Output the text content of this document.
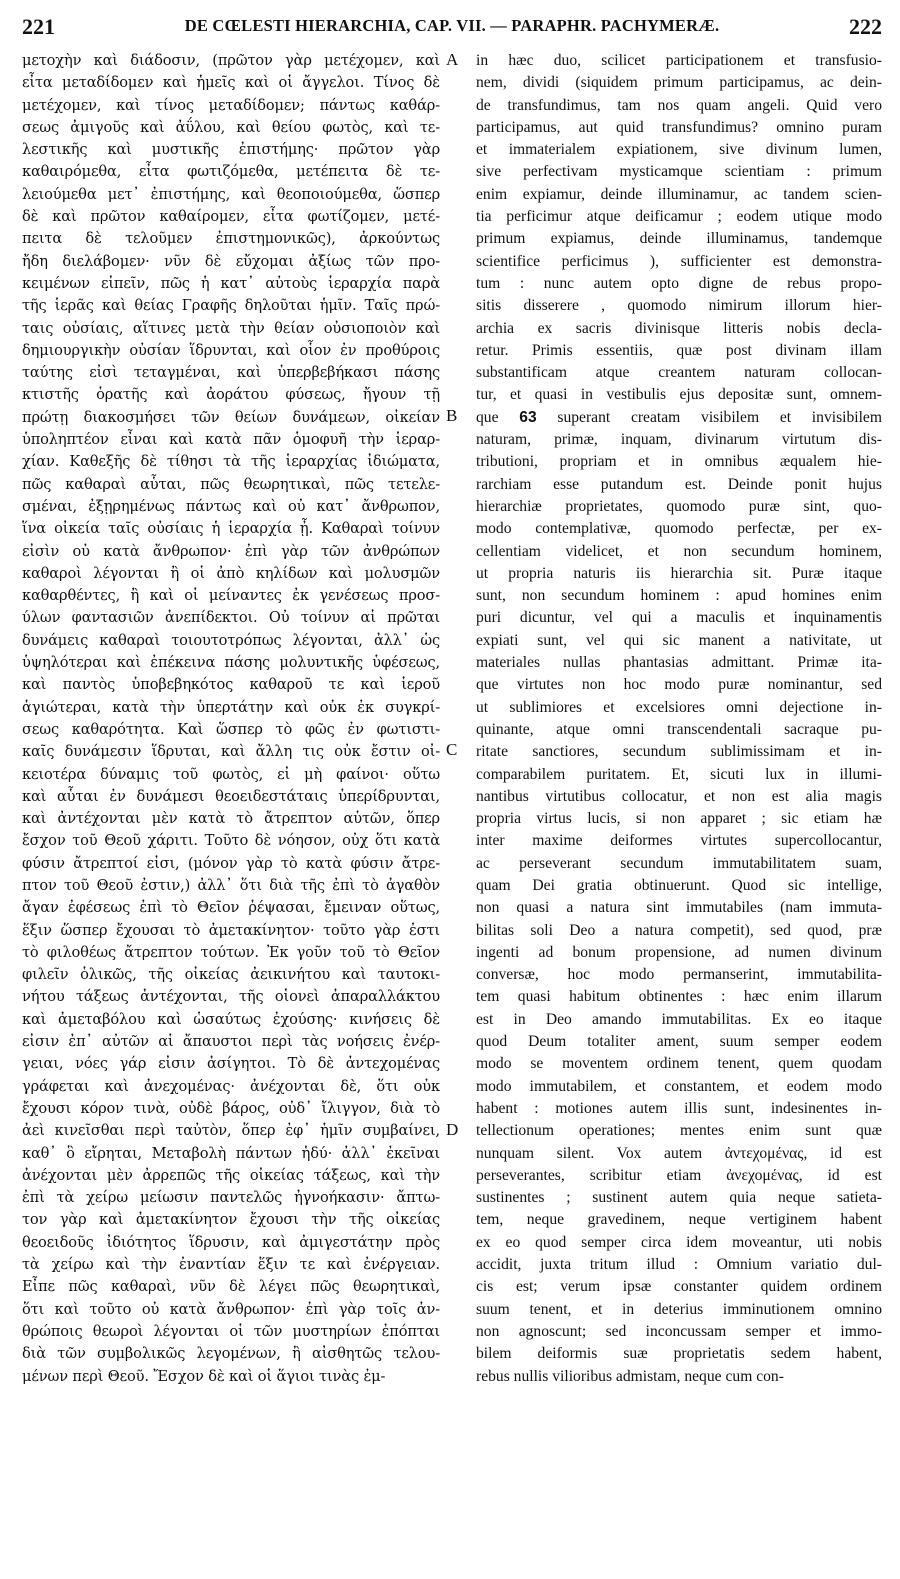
221	DE CŒLESTI HIERARCHIA, CAP. VII. — PARAPHR. PACHYMERÆ.	222
μετοχὴν καὶ διάδοσιν, (πρῶτον γὰρ μετέχομεν, καὶ
εἶτα μεταδίδομεν καὶ ἡμεῖς καὶ οἱ ἄγγελοι. Τίνος δὲ
μετέχομεν, καὶ τίνος μεταδίδομεν; πάντως καθάρ-
σεως ἀμιγοῦς καὶ ἀΰλου, καὶ θείου φωτὸς, καὶ τε-
λεστικῆς καὶ μυστικῆς ἐπιστήμης· πρῶτον γὰρ
καθαιρόμεθα, εἶτα φωτιζόμεθα, μετέπειτα δὲ τε-
λειούμεθα μετ᾽ ἐπιστήμης, καὶ θεοποιούμεθα, ὥσπερ
δὲ καὶ πρῶτον καθαίρομεν, εἶτα φωτίζομεν, μετέ-
πειτα δὲ τελοῦμεν ἐπιστημονικῶς), ἀρκούντως
ἤδη διελάβομεν· νῦν δὲ εὔχομαι ἀξίως τῶν προ-
κειμένων εἰπεῖν, πῶς ἡ κατ᾽ αὐτοὺς ἱεραρχία παρὰ
τῆς ἱερᾶς καὶ θείας Γραφῆς δηλοῦται ἡμῖν. Ταῖς πρώ-
ταις οὐσίαις, αἵτινες μετὰ τὴν θείαν οὐσιοποιὸν καὶ
δημιουργικὴν οὐσίαν ἵδρυνται, καὶ οἷον ἐν προθύροις
ταύτης εἰσὶ τεταγμέναι, καὶ ὑπερβεβήκασι πάσης
κτιστῆς ὁρατῆς καὶ ἀοράτου φύσεως, ἤγουν τῇ
πρώτῃ διακοσμήσει τῶν θείων δυνάμεων, οἰκείαν
ὑποληπτέον εἶναι καὶ κατὰ πᾶν ὁμοφυῆ τὴν ἱεραρ-
χίαν. Καθεξῆς δὲ τίθησι τὰ τῆς ἱεραρχίας ἰδιώματα,
πῶς καθαραὶ αὗται, πῶς θεωρητικαὶ, πῶς τετελε-
σμέναι, ἐξῃρημένως πάντως καὶ οὐ κατ᾽ ἄνθρωπον,
ἵνα οἰκεία ταῖς οὐσίαις ἡ ἱεραρχία ᾖ. Καθαραὶ τοίνυν
εἰσὶν οὐ κατὰ ἄνθρωπον· ἐπὶ γὰρ τῶν ἀνθρώπων
καθαροὶ λέγονται ἢ οἱ ἀπὸ κηλίδων καὶ μολυσμῶν
καθαρθέντες, ἢ καὶ οἱ μείναντες ἐκ γενέσεως προσ-
ύλων φαντασιῶν ἀνεπίδεκτοι. Οὐ τοίνυν αἱ πρῶται
δυνάμεις καθαραὶ τοιουτοτρόπως λέγονται, ἀλλ᾽ ὡς
ὑψηλότεραι καὶ ἐπέκεινα πάσης μολυντικῆς ὑφέσεως,
καὶ παντὸς ὑποβεβηκότος καθαροῦ τε καὶ ἱεροῦ
ἁγιώτεραι, κατὰ τὴν ὑπερτάτην καὶ οὐκ ἐκ συγκρί-
σεως καθαρότητα. Καὶ ὥσπερ τὸ φῶς ἐν φωτιστι-
καῖς δυνάμεσιν ἵδρυται, καὶ ἄλλη τις οὐκ ἔστιν οἰ-
κειοτέρα δύναμις τοῦ φωτὸς, εἰ μὴ φαίνοι· οὕτω
καὶ αὗται ἐν δυνάμεσι θεοειδεστάταις ὑπερίδρυνται,
καὶ ἀντέχονται μὲν κατὰ τὸ ἄτρεπτον αὐτῶν, ὅπερ
ἔσχον τοῦ Θεοῦ χάριτι. Τοῦτο δὲ νόησον, οὐχ ὅτι κατὰ
φύσιν ἄτρεπτοί εἰσι, (μόνον γὰρ τὸ κατὰ φύσιν ἄτρε-
πτον τοῦ Θεοῦ ἐστιν,) ἀλλ᾽ ὅτι διὰ τῆς ἐπὶ τὸ ἀγαθὸν
ἄγαν ἐφέσεως ἐπὶ τὸ Θεῖον ῥέψασαι, ἔμειναν οὕτως,
ἕξιν ὥσπερ ἔχουσαι τὸ ἀμετακίνητον· τοῦτο γὰρ ἐστι
τὸ φιλοθέως ἄτρεπτον τούτων. Ἐκ γοῦν τοῦ τὸ Θεῖον
φιλεῖν ὁλικῶς, τῆς οἰκείας ἀεικινήτου καὶ ταυτοκι-
νήτου τάξεως ἀντέχονται, τῆς οἱονεὶ ἀπαραλλάκτου
καὶ ἀμεταβόλου καὶ ὡσαύτως ἐχούσης· κινήσεις δὲ
εἰσιν ἐπ᾽ αὐτῶν αἱ ἄπαυστοι περὶ τὰς νοήσεις ἐνέρ-
γειαι, νόες γάρ εἰσιν ἀσίγητοι. Τὸ δὲ ἀντεχομένας
γράφεται καὶ ἀνεχομένας· ἀνέχονται δὲ, ὅτι οὐκ
ἔχουσι κόρον τινὰ, οὐδὲ βάρος, οὐδ᾽ ἴλιγγον, διὰ τὸ
ἀεὶ κινεῖσθαι περὶ ταὐτὸν, ὅπερ ἐφ᾽ ἡμῖν συμβαίνει,
καθ᾽ ὃ εἴρηται, Μεταβολὴ πάντων ἡδύ· ἀλλ᾽ ἐκεῖναι
ἀνέχονται μὲν ἀρρεπῶς τῆς οἰκείας τάξεως, καὶ τὴν
ἐπὶ τὰ χείρω μείωσιν παντελῶς ἠγνοήκασιν· ἄπτω-
τον γὰρ καὶ ἀμετακίνητον ἔχουσι τὴν τῆς οἰκείας
θεοειδοῦς ἰδιότητος ἵδρυσιν, καὶ ἀμιγεστάτην πρὸς
τὰ χείρω καὶ τὴν ἐναντίαν ἕξιν τε καὶ ἐνέργειαν.
Εἶπε πῶς καθαραὶ, νῦν δὲ λέγει πῶς θεωρητικαὶ,
ὅτι καὶ τοῦτο οὐ κατὰ ἄνθρωπον· ἐπὶ γὰρ τοῖς ἀν-
θρώποις θεωροὶ λέγονται οἱ τῶν μυστηρίων ἐπόπται
διὰ τῶν συμβολικῶς λεγομένων, ἢ αἰσθητῶς τελου-
μένων περὶ Θεοῦ. Ἔσχον δὲ καὶ οἱ ἅγιοι τινὰς ἐμ-
A
B
C
D
in hæc duo, scilicet participationem et transfusio-
nem, dividi (siquidem primum participamus, ac dein-
de transfundimus, tam nos quam angeli. Quid vero
participamus, aut quid transfundimus? omnino puram
et immaterialem expiationem, sive divinum lumen,
sive perfectivam mysticamque scientiam : primum
enim expiamur, deinde illuminamur, ac tandem scien-
tia perficimur atque deificamur ; eodem utique modo
primum expiamus, deinde illuminamus, tandemque
scientifice perficimus ), sufficienter est demonstra-
tum : nunc autem opto digne de rebus propo-
sitis disserere , quomodo nimirum illorum hier-
archia ex sacris divinisque litteris nobis decla-
retur. Primis essentiis, quæ post divinam illam
substantificam atque creantem naturam collocan-
tur, et quasi in vestibulis ejus depositæ sunt, omnem-
que 63 superant creatam visibilem et invisibilem
naturam, primæ, inquam, divinarum virtutum dis-
tributioni, propriam et in omnibus æqualem hie-
rarchiam esse putandum est. Deinde ponit hujus
hierarchiæ proprietates, quomodo puræ sint, quo-
modo contemplativæ, quomodo perfectæ, per ex-
cellentiam videlicet, et non secundum hominem,
ut propria naturis iis hierarchia sit. Puræ itaque
sunt, non secundum hominem : apud homines enim
puri dicuntur, vel qui a maculis et inquinamentis
expiati sunt, vel qui sic manent a nativitate, ut
materiales nullas phantasias admittant. Primæ ita-
que virtutes non hoc modo puræ nominantur, sed
ut sublimiores et excelsiores omni dejectione in-
quinante, atque omni transcendentali sacraque pu-
ritate sanctiores, secundum sublimissimam et in-
comparabilem puritatem. Et, sicuti lux in illumi-
nantibus virtutibus collocatur, et non est alia magis
propria virtus lucis, si non apparet ; sic etiam hæ
inter maxime deiformes virtutes supercollocantur,
ac perseverant secundum immutabilitatem suam,
quam Dei gratia obtinuerunt. Quod sic intellige,
non quasi a natura sint immutabiles (nam immuta-
bilitas soli Deo a natura competit), sed quod, præ
ingenti ad bonum propensione, ad numen divinum
conversæ, hoc modo permanserint, immutabilita-
tem quasi habitum obtinentes : hæc enim illarum
est in Deo amando immutabilitas. Ex eo itaque
quod Deum totaliter ament, suum semper eodem
modo se moventem ordinem tenent, quem quodam
modo immutabilem, et constantem, et eodem modo
habent : motiones autem illis sunt, indesinentes in-
tellectionum operationes; mentes enim sunt quæ
nunquam silent. Vox autem ἀντεχομένας, id est
perseverantes, scribitur etiam ἀνεχομένας, id est
sustinentes ; sustinent autem quia neque satieta-
tem, neque gravedinem, neque vertiginem habent
ex eo quod semper circa idem moveantur, uti nobis
accidit, juxta tritum illud : Omnium variatio dul-
cis est; verum ipsæ constanter quidem ordinem
suum tenent, et in deterius imminutionem omnino
non agnoscunt; sed inconcussam semper et immo-
bilem deiformis suæ proprietatis sedem habent,
rebus nullis vilioribus admistam, neque cum con-
